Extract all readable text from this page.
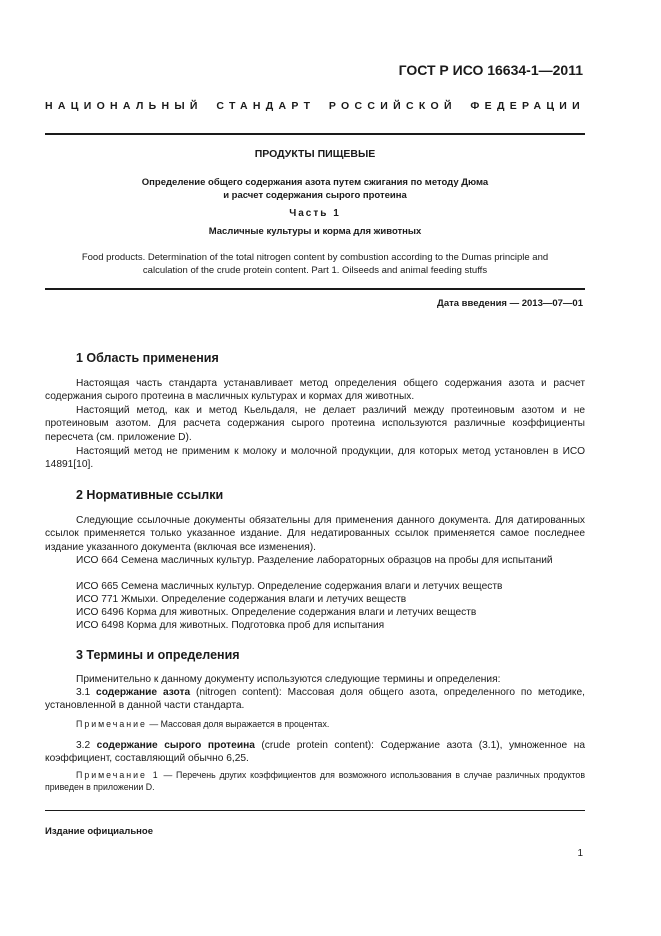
ГОСТ Р ИСО 16634-1—2011
НАЦИОНАЛЬНЫЙ СТАНДАРТ РОССИЙСКОЙ ФЕДЕРАЦИИ
ПРОДУКТЫ ПИЩЕВЫЕ
Определение общего содержания азота путем сжигания по методу Дюма
и расчет содержания сырого протеина
Часть 1
Масличные культуры и корма для животных
Food products. Determination of the total nitrogen content by combustion according to the Dumas principle and
calculation of the crude protein content. Part 1. Oilseeds and animal feeding stuffs
Дата введения — 2013—07—01
1 Область применения
Настоящая часть стандарта устанавливает метод определения общего содержания азота и расчет содержания сырого протеина в масличных культурах и кормах для животных.
Настоящий метод, как и метод Кьельдаля, не делает различий между протеиновым азотом и не протеиновым азотом. Для расчета содержания сырого протеина используются различные коэффициенты пересчета (см. приложение D).
Настоящий метод не применим к молоку и молочной продукции, для которых метод установлен в ИСО 14891[10].
2 Нормативные ссылки
Следующие ссылочные документы обязательны для применения данного документа. Для датированных ссылок применяется только указанное издание. Для недатированных ссылок применяется самое последнее издание указанного документа (включая все изменения).
ИСО 664 Семена масличных культур. Разделение лабораторных образцов на пробы для испытаний
ИСО 665 Семена масличных культур. Определение содержания влаги и летучих веществ
ИСО 771 Жмыхи. Определение содержания влаги и летучих веществ
ИСО 6496 Корма для животных. Определение содержания влаги и летучих веществ
ИСО 6498 Корма для животных. Подготовка проб для испытания
3 Термины и определения
Применительно к данному документу используются следующие термины и определения:
3.1 содержание азота (nitrogen content): Массовая доля общего азота, определенного по методике, установленной в данной части стандарта.
Примечание — Массовая доля выражается в процентах.
3.2 содержание сырого протеина (crude protein content): Содержание азота (3.1), умноженное на коэффициент, составляющий обычно 6,25.
Примечание 1 — Перечень других коэффициентов для возможного использования в случае различных продуктов приведен в приложении D.
Издание официальное
1
